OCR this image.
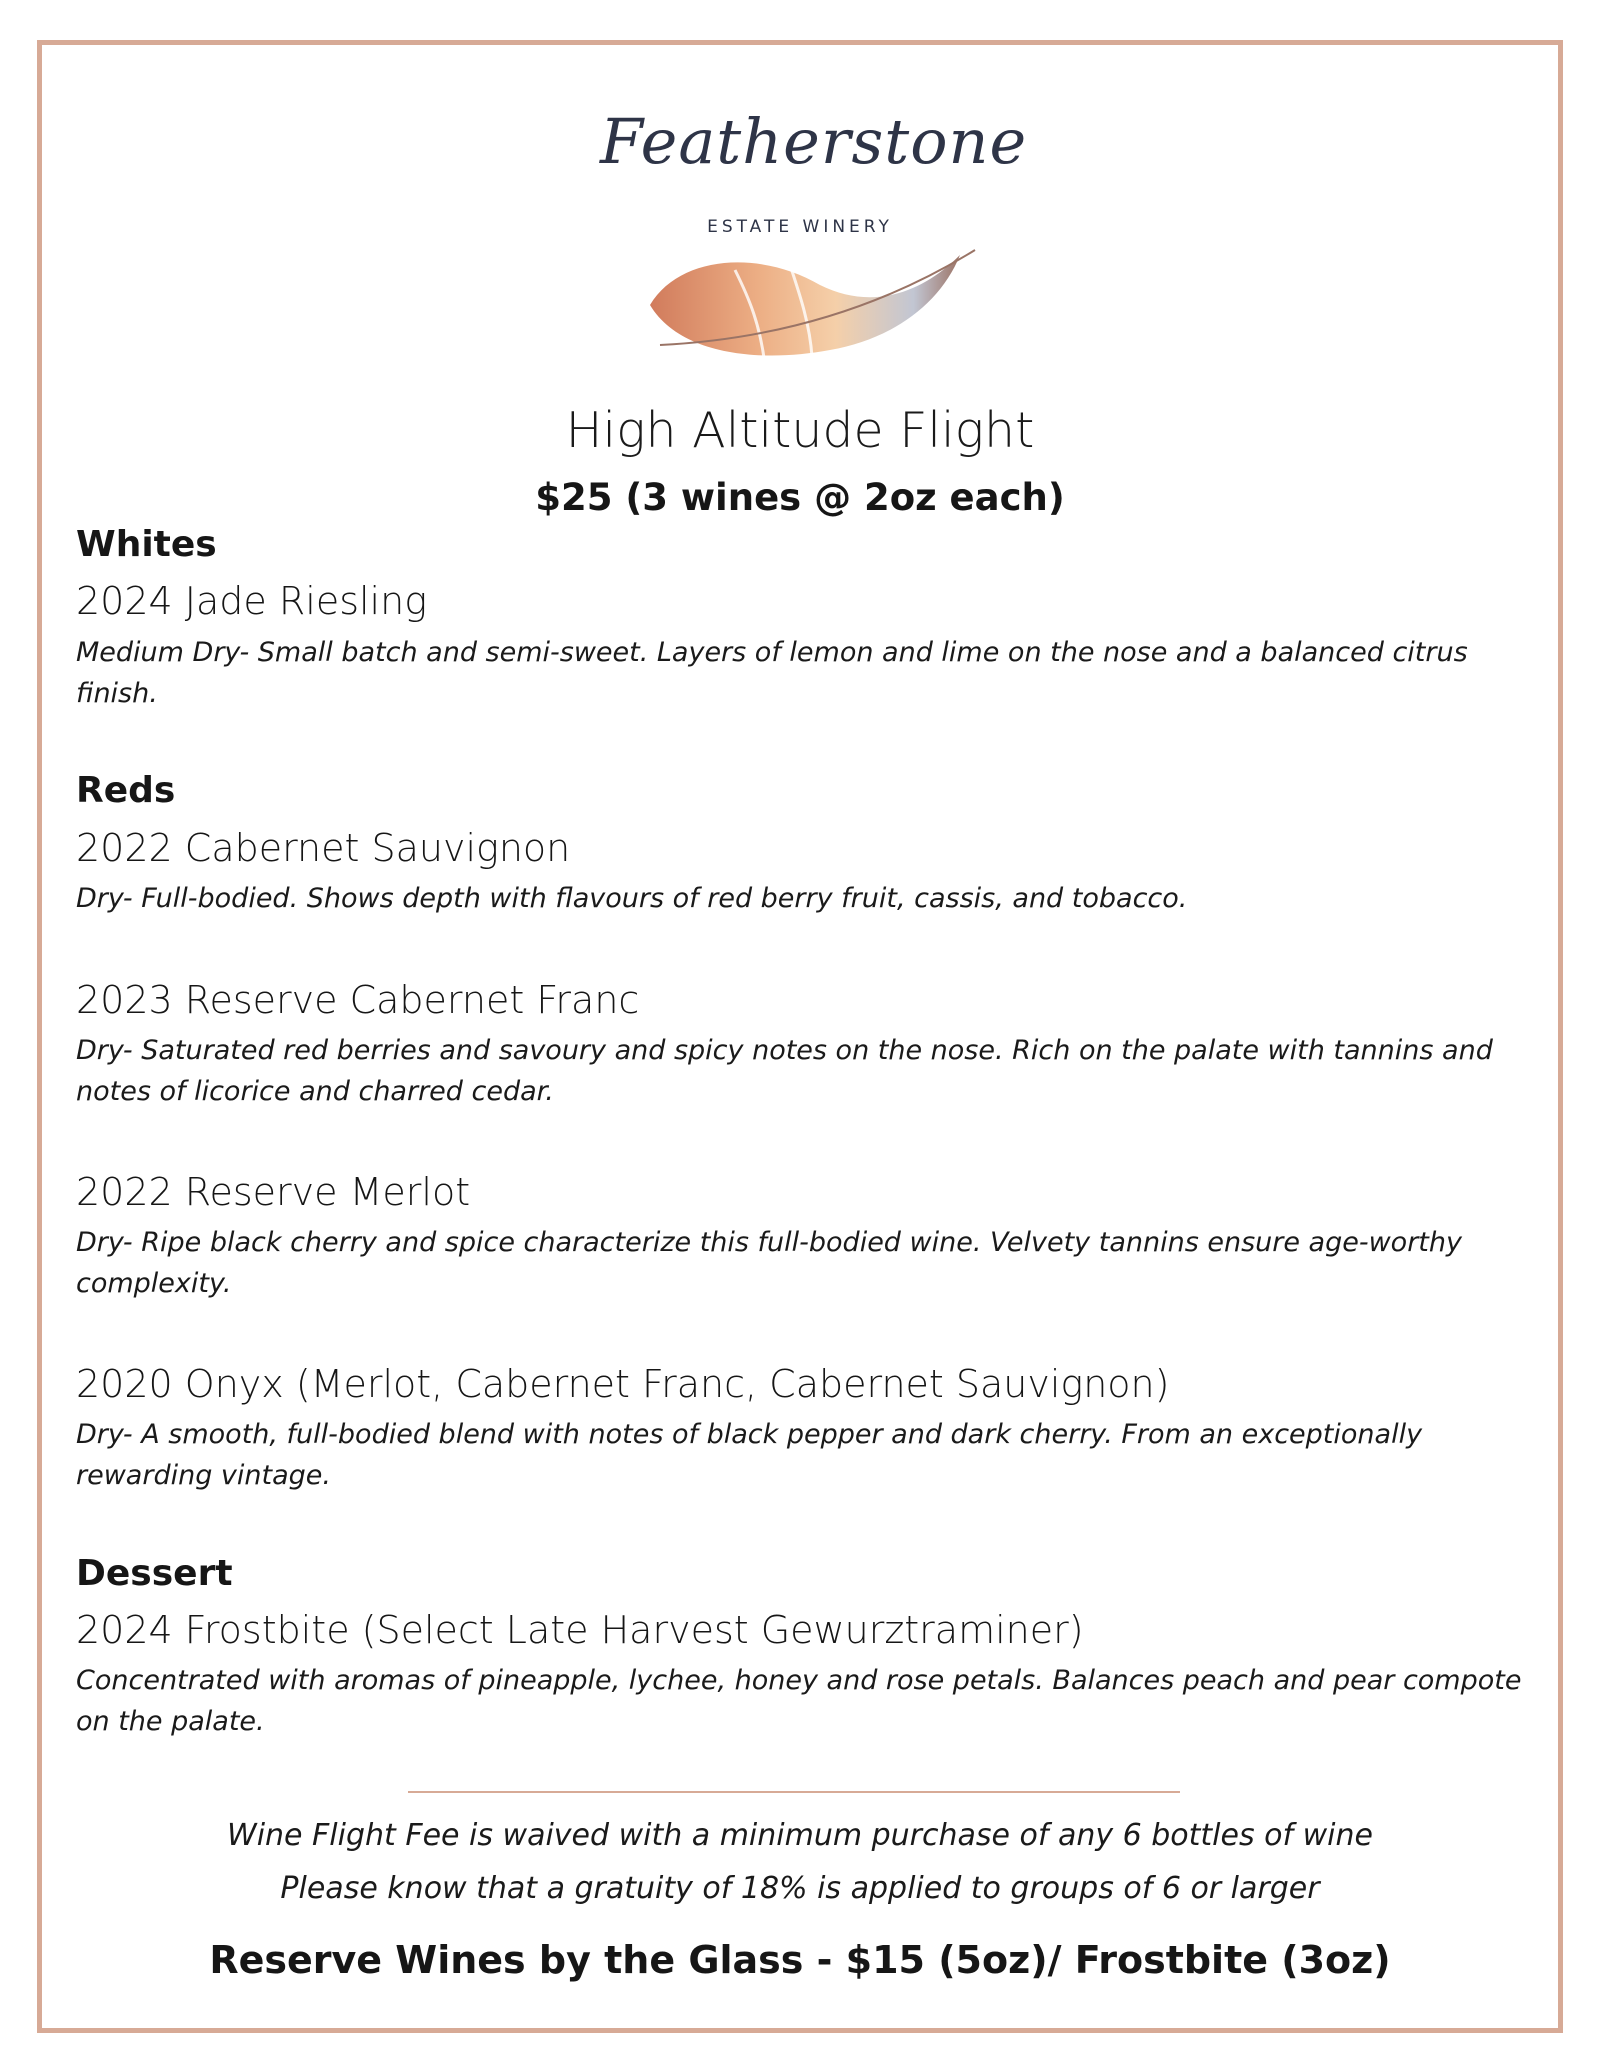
Featherstone
ESTATE WINERY
High Altitude Flight
$25 (3 wines @ 2oz each)
Whites
2024 Jade Riesling
Medium Dry- Small batch and semi-sweet. Layers of lemon and lime on the nose and a balanced citrus finish.
Reds
2022 Cabernet Sauvignon
Dry- Full-bodied. Shows depth with flavours of red berry fruit, cassis, and tobacco.
2023 Reserve Cabernet Franc
Dry- Saturated red berries and savoury and spicy notes on the nose. Rich on the palate with tannins and notes of licorice and charred cedar.
2022 Reserve Merlot
Dry- Ripe black cherry and spice characterize this full-bodied wine. Velvety tannins ensure age-worthy complexity.
2020 Onyx (Merlot, Cabernet Franc, Cabernet Sauvignon)
Dry- A smooth, full-bodied blend with notes of black pepper and dark cherry. From an exceptionally rewarding vintage.
Dessert
2024 Frostbite (Select Late Harvest Gewurztraminer)
Concentrated with aromas of pineapple, lychee, honey and rose petals. Balances peach and pear compote on the palate.
Wine Flight Fee is waived with a minimum purchase of any 6 bottles of wine
Please know that a gratuity of 18% is applied to groups of 6 or larger
Reserve Wines by the Glass - $15 (5oz)/ Frostbite (3oz)
